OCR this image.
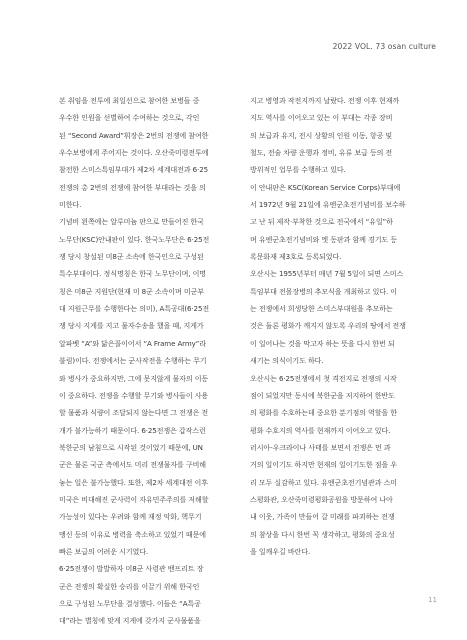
2022 VOL. 73 osan culture

본 취임을 전투에 최일선으로 참여한 보병들 중

우수한 인원을 선별하여 수여하는 것으로, 각인

된 “Second Award”휘장은 2번의 전쟁에 참여한

우수보병에게 주어지는 것이다. 오산죽미령전투에

참전한 스미스특임부대가 제2차 세계대전과 6·25

전쟁의 총 2번의 전쟁에 참여한 부대라는 것을 의

미한다.

기념비 왼쪽에는 알루미늄 판으로 만들어진 한국

노무단(KSC)안내판이 있다. 한국노무단은 6·25전

쟁 당시 창설된 미8군 소속에 한국인으로 구성된

특수부대이다. 정식명칭은 한국 노무단이며, 이명

칭은 미8군 지원단(현재 미 8군 소속이며 미군부

대 지원근무를 수행한다는 의미), A특공대(6·25전

쟁 당시 지게를 지고 물자수송을 했을 때, 지게가

알파벳 “A”와 닮은꼴이어서 “A Frame Army”라

불림)이다. 전쟁에서는 군사작전을 수행하는 무기

와 병사가 중요하지만, 그에 못지않게 물자의 이동

이 중요하다. 전쟁을 수행할 무기와 병사들이 사용

할 물품과 식량이 조달되지 않는다면 그 전쟁은 전

개가 불가능하기 때문이다. 6·25전쟁은 갑작스런

북한군의 남침으로 시작된 것이었기 때문에, UN

군은 물론 국군 측에서도 미리 전쟁물자를 구비해

놓는 일은 불가능했다. 또한, 제2차 세계대전 이후

미국은 비대해진 군사력이 자유민주주의를 저해할

가능성이 있다는 우려와 함께 재정 악화, 핵무기

맹신 등의 이유로 병력을 축소하고 있었기 때문에

빠른 보급의 어려운 시기였다.

6·25전쟁이 발발하자 미8군 사령관 밴프리트 장

군은 전쟁의 확실한 승리를 이끌기 위해 한국인

으로 구성된 노무단을 결성했다. 이들은 “A특공

대”라는 별칭에 맞게 지게에 갖가지 군사물품을

지고 병영과 작전지까지 날랐다. 전쟁 이후 현재까

지도 역사를 이어오고 있는 이 부대는 각종 장비

의 보급과 유지, 전시 상황의 인원 이동, 항공 및

철도, 전술 차량 운행과 정비, 유류 보급 등의 전

방위적인 업무를 수행하고 있다.

이 안내판은 KSC(Korean Service Corps)부대에

서 1972년 9월 21일에 유엔군초전기념비를 보수하

고 난 뒤 제작·부착한 것으로 전국에서 “유일”하

며 유엔군초전기념비와 엣 동판과 함께 경기도 등

록문화재 제3호로 등록되었다.

오산시는 1955년부터 매년 7월 5일이 되면 스미스

특임부대 전몰장병의 추모식을 개최하고 있다. 이

는 전쟁에서 희생당한 스미스부대원을 추모하는

것은 둘론 평화가 깨지지 않도록 우리의 땅에서 전쟁

이 일어나는 것을 막고자 하는 뜻을 다시 한번 되

새기는 의식이기도 하다.

오산시는 6·25전쟁에서 첫 격전지로 전쟁의 시작

점이 되었지만 동시에 북한군을 저지하여 한반도

의 평화를 수호하는데 중요한 분기점의 역할을 한

평화 수호지의 역사를 현재까지 이어오고 있다.

러시아-우크라이나 사태를 보면서 전쟁은 먼 과

거의 일이기도 하지만 현재의 일이기도한 점을 우

리 모두 실감하고 있다. 유엔군초전기념관과 스미

스평화관, 오산죽미령평화공원을 방문하여 나아

내 이웃, 가족이 만들어 갈 미래를 파괴하는 전쟁

의 참상을 다시 한번 꼭 생각하고, 평화의 중요성

을 일깨우길 바란다.

11
